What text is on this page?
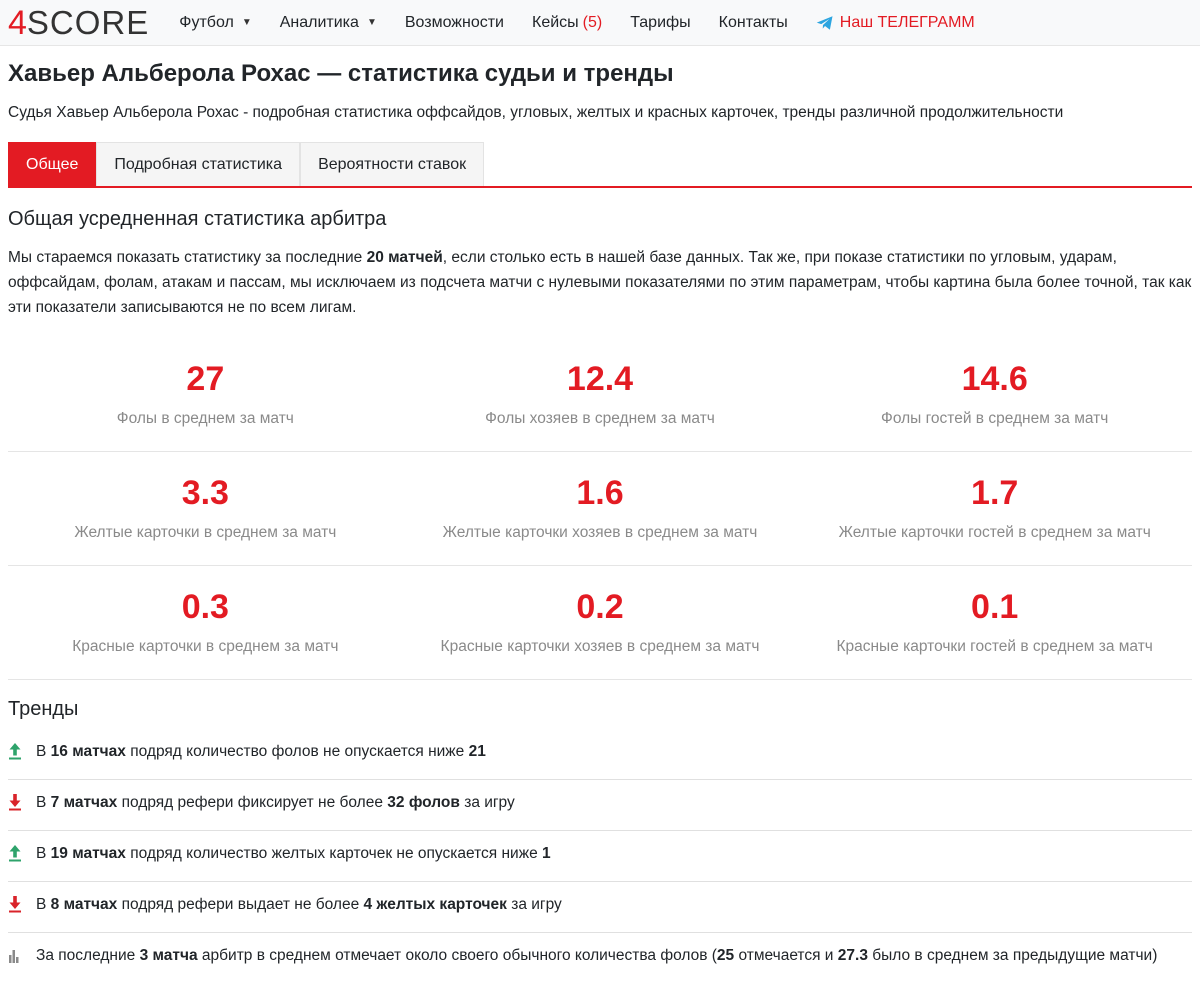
4 SCORE Футбол ▼ Аналитика ▼ Возможности Кейсы (5) Тарифы Контакты	Наш ТЕЛЕГРАММ
Хавьер Альберола Рохас — статистика судьи и тренды

Судья Хавьер Альберола Рохас - подробная статистика оффсайдов, угловых, желтых и красных карточек, тренды различной продолжительности

Общее	Подробная статистика	Вероятности ставок
Общая усредненная статистика арбитра

Мы стараемся показать статистику за последние 20 матчей, если столько есть в нашей базе данных. Так же, при показе статистики по угловым, ударам, оффсайдам, фолам, атакам и пассам, мы исключаем из подсчета матчи с нулевыми показателями по этим параметрам, чтобы картина была более точной, так как эти показатели записываются не по всем лигам.

27
Фолы в среднем за матч
12.4
Фолы хозяев в среднем за матч
14.6
Фолы гостей в среднем за матч
3.3
Желтые карточки в среднем за матч
1.6
Желтые карточки хозяев в среднем за матч
1.7
Желтые карточки гостей в среднем за матч
0.3
Красные карточки в среднем за матч
0.2
Красные карточки хозяев в среднем за матч
0.1
Красные карточки гостей в среднем за матч
Тренды
В 16 матчах подряд количество фолов не опускается ниже 21
В 7 матчах подряд рефери фиксирует не более 32 фолов за игру
В 19 матчах подряд количество желтых карточек не опускается ниже 1
В 8 матчах подряд рефери выдает не более 4 желтых карточек за игру
За последние 3 матча арбитр в среднем отмечает около своего обычного количества фолов (25 отмечается и 27.3 было в среднем за предыдущие матчи)
